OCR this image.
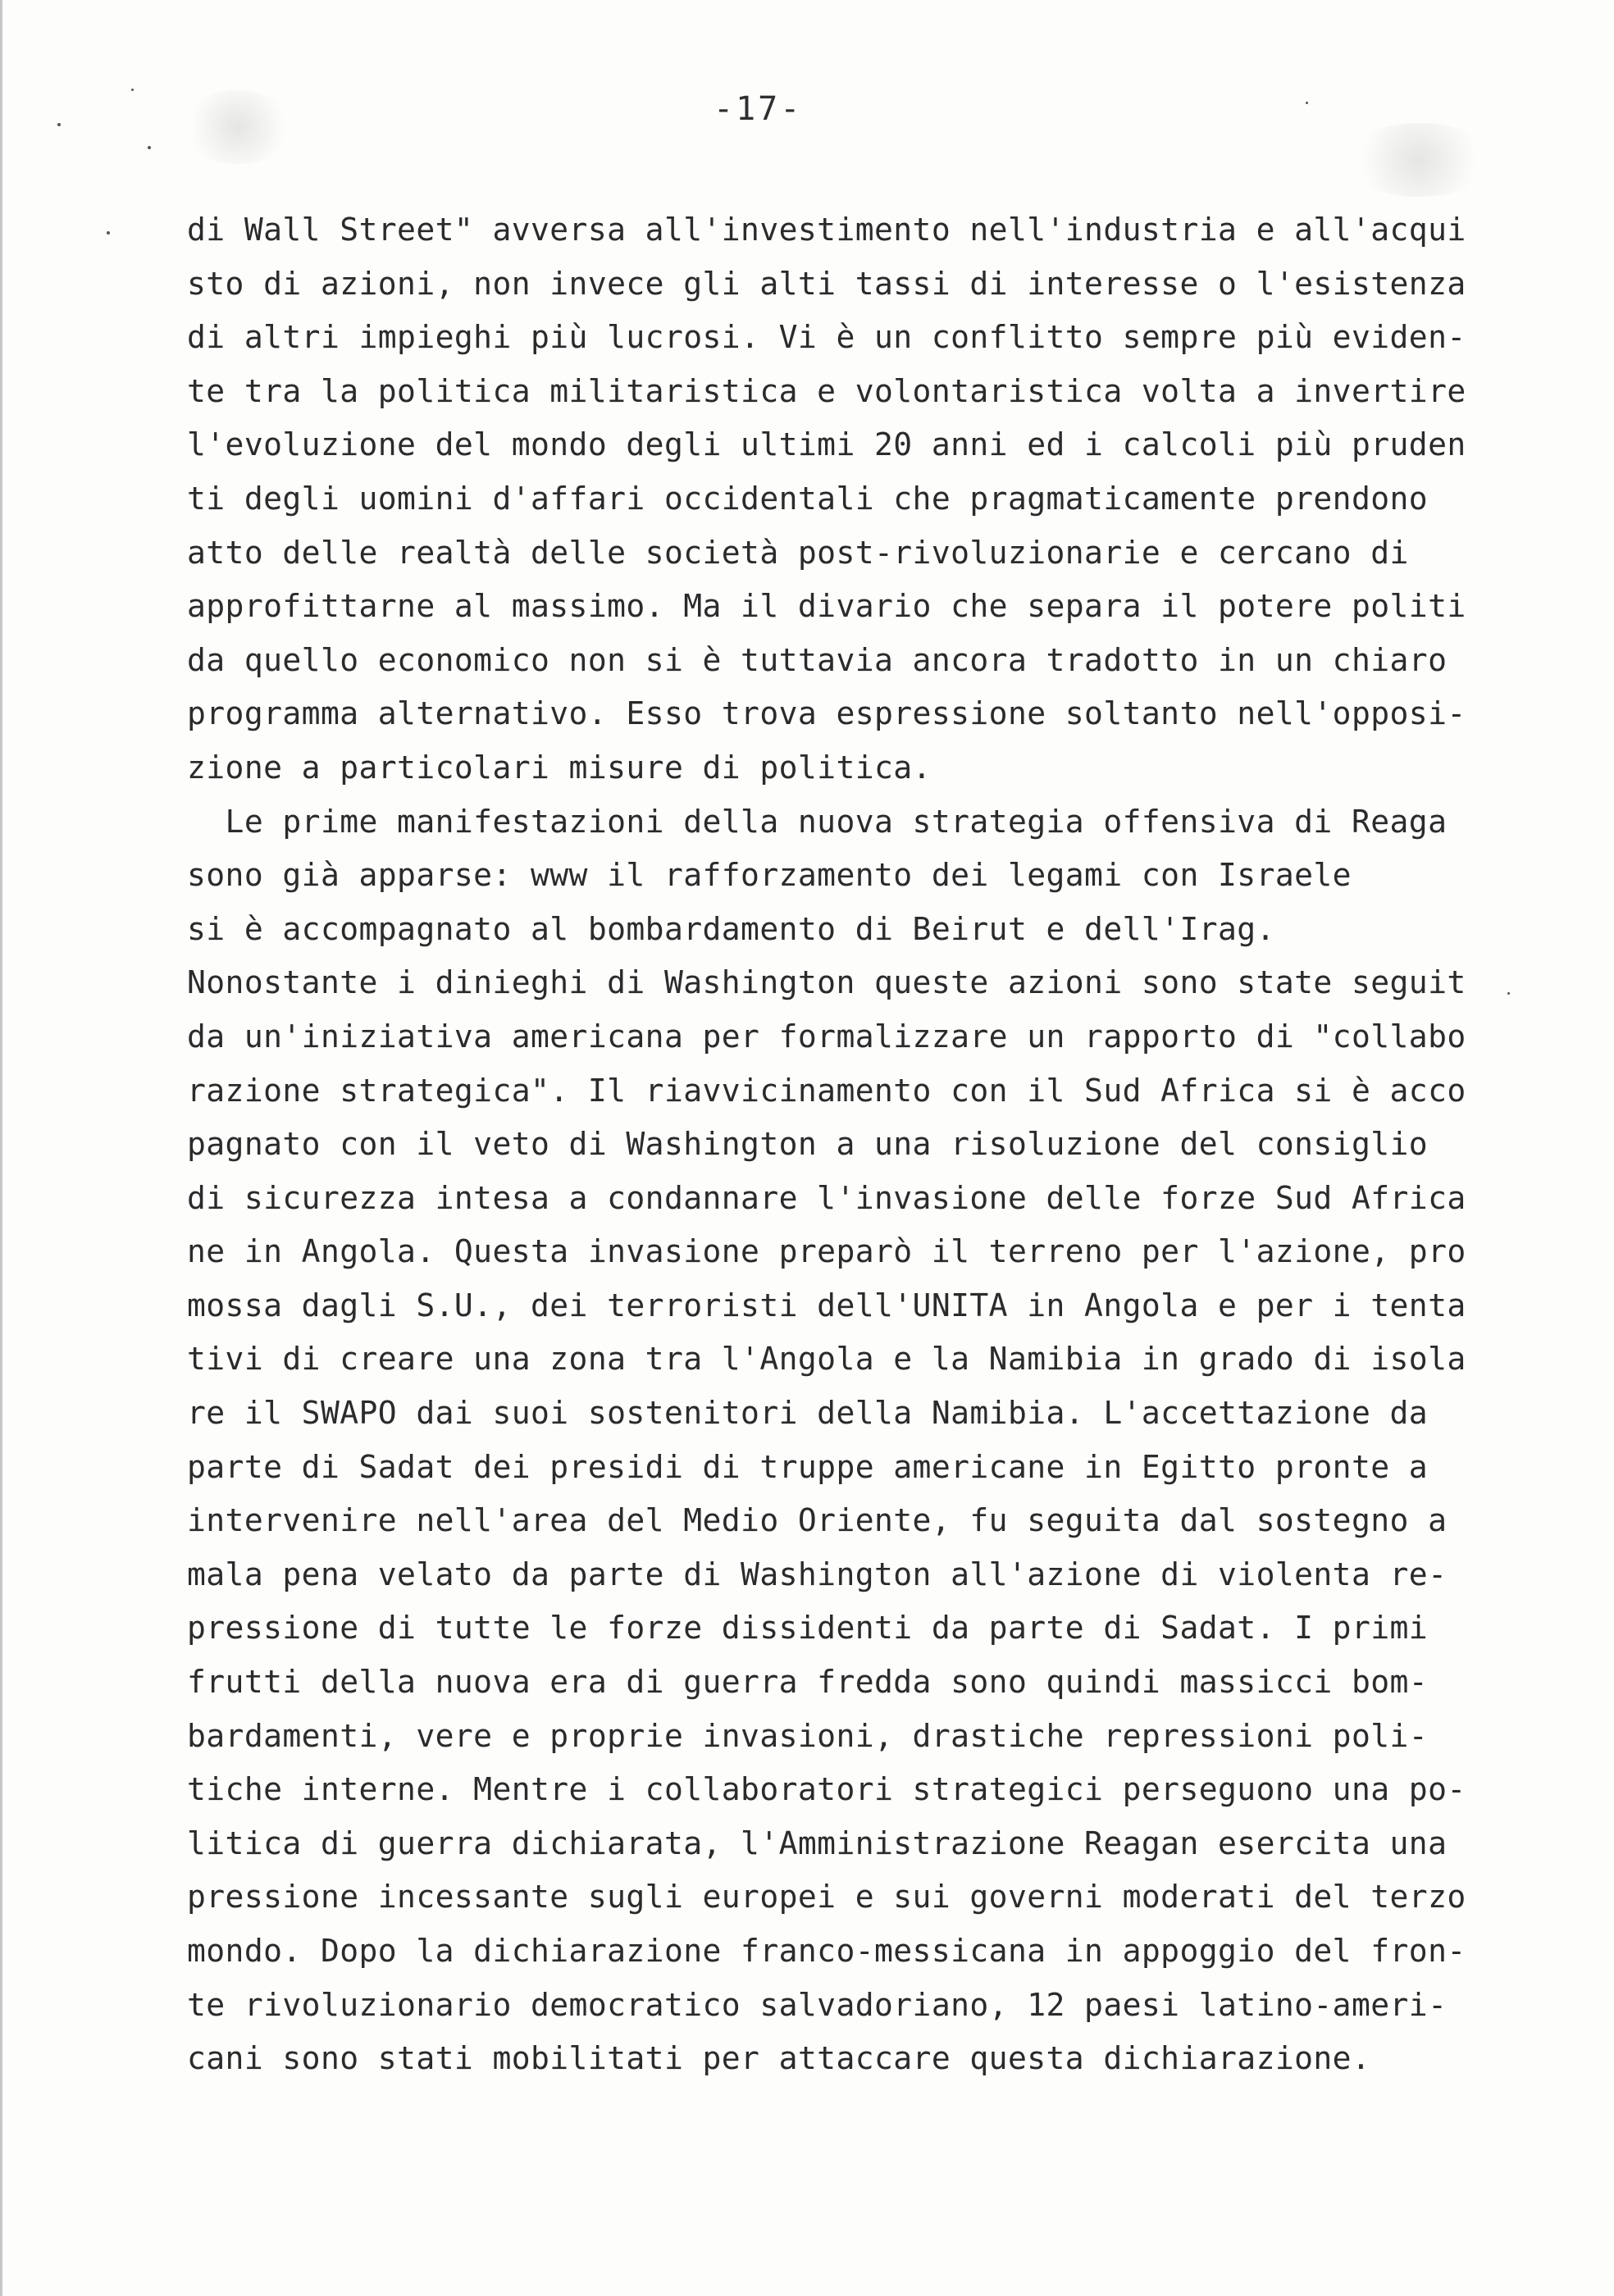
-17-
di Wall Street" avversa all'investimento nell'industria e all'acqui
sto di azioni, non invece gli alti tassi di interesse o l'esistenza
di altri impieghi più lucrosi. Vi è un conflitto sempre più eviden-
te tra la politica militaristica e volontaristica volta a invertire
l'evoluzione del mondo degli ultimi 20 anni ed i calcoli più pruden
ti degli uomini d'affari occidentali che pragmaticamente prendono
atto delle realtà delle società post-rivoluzionarie e cercano di
approfittarne al massimo. Ma il divario che separa il potere politi
da quello economico non si è tuttavia ancora tradotto in un chiaro
programma alternativo. Esso trova espressione soltanto nell'opposi-
zione a particolari misure di politica.
Le prime manifestazioni della nuova strategia offensiva di Reaga
sono già apparse: www il rafforzamento dei legami con Israele
si è accompagnato al bombardamento di Beirut e dell'Irag.
Nonostante i dinieghi di Washington queste azioni sono state seguit
da un'iniziativa americana per formalizzare un rapporto di "collabo
razione strategica". Il riavvicinamento con il Sud Africa si è acco
pagnato con il veto di Washington a una risoluzione del consiglio
di sicurezza intesa a condannare l'invasione delle forze Sud Africa
ne in Angola. Questa invasione preparò il terreno per l'azione, pro
mossa dagli S.U., dei terroristi dell'UNITA in Angola e per i tenta
tivi di creare una zona tra l'Angola e la Namibia in grado di isola
re il SWAPO dai suoi sostenitori della Namibia. L'accettazione da
parte di Sadat dei presidi di truppe americane in Egitto pronte a
intervenire nell'area del Medio Oriente, fu seguita dal sostegno a
mala pena velato da parte di Washington all'azione di violenta re-
pressione di tutte le forze dissidenti da parte di Sadat. I primi
frutti della nuova era di guerra fredda sono quindi massicci bom-
bardamenti, vere e proprie invasioni, drastiche repressioni poli-
tiche interne. Mentre i collaboratori strategici perseguono una po-
litica di guerra dichiarata, l'Amministrazione Reagan esercita una
pressione incessante sugli europei e sui governi moderati del terzo
mondo. Dopo la dichiarazione franco-messicana in appoggio del fron-
te rivoluzionario democratico salvadoriano, 12 paesi latino-ameri-
cani sono stati mobilitati per attaccare questa dichiarazione.
